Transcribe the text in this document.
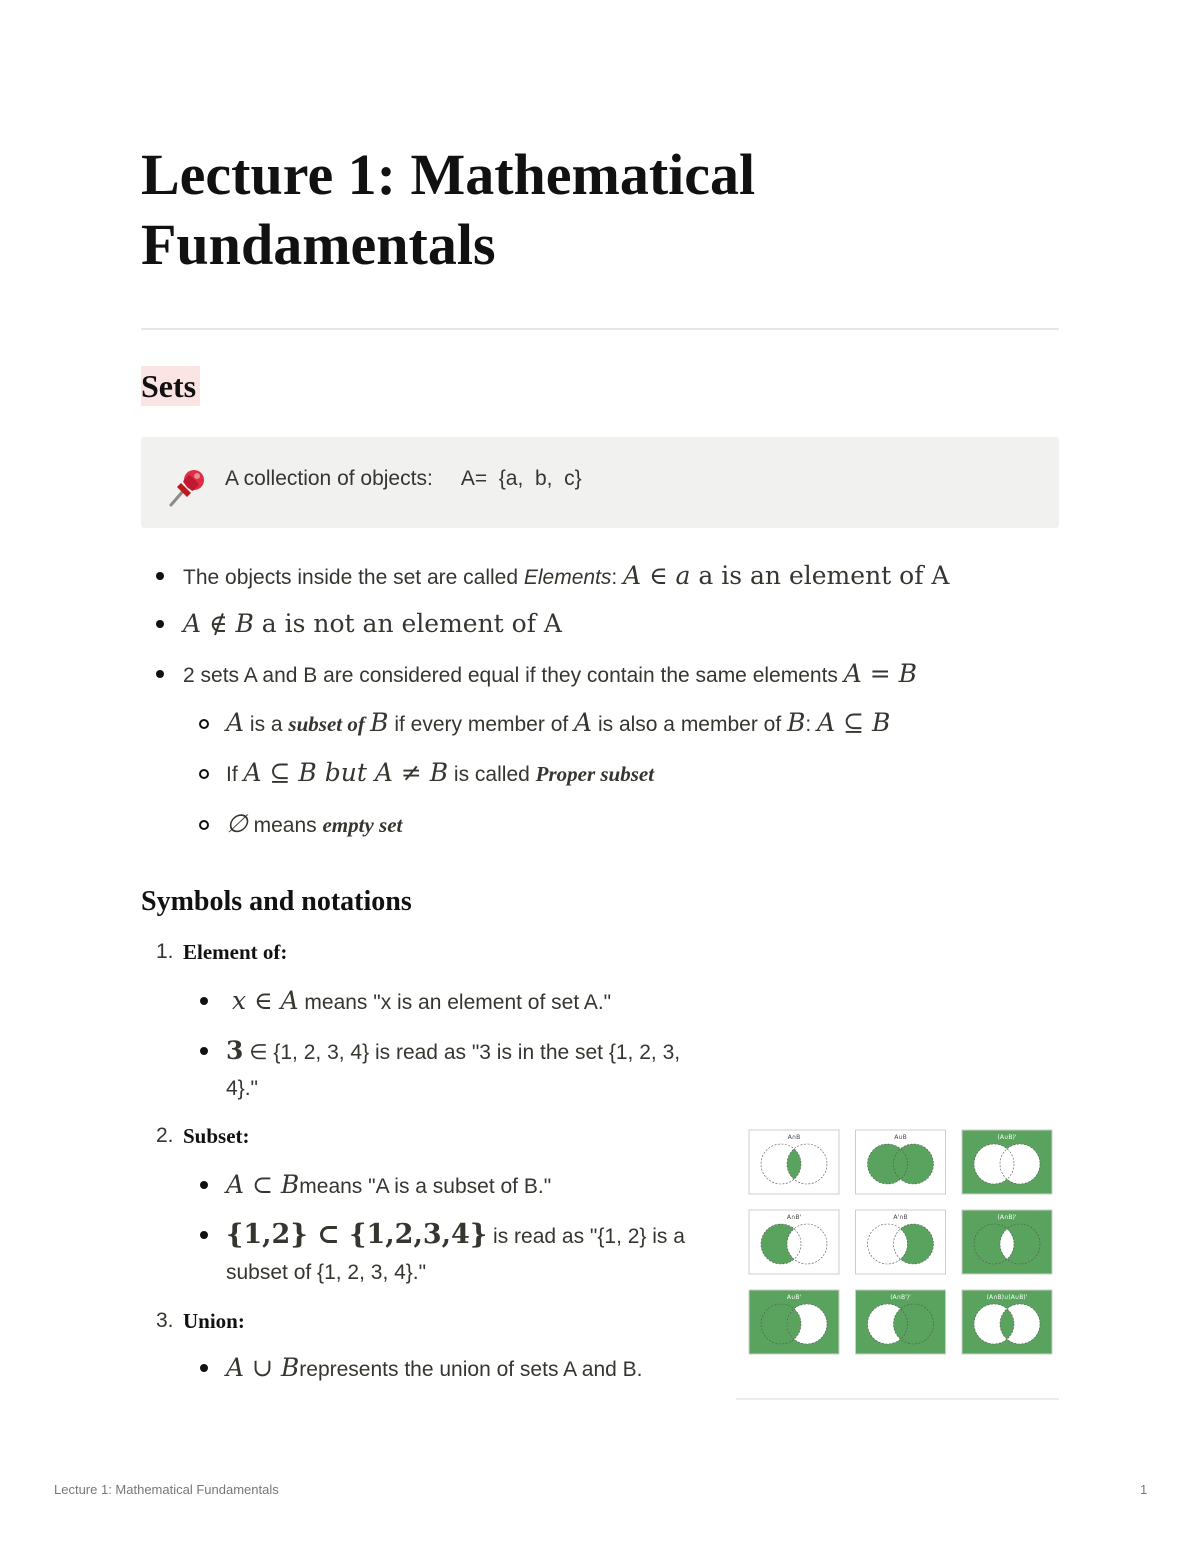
Lecture 1: Mathematical Fundamentals
Sets
A collection of objects: A=  {a,  b,  c}
The objects inside the set are called Elements: A ∈ a a is an element of A
A ∉ B a is not an element of A
2 sets A and B are considered equal if they contain the same elements A = B
A is a subset of B if every member of A is also a member of B: A ⊆ B
If A ⊆ B but A ≠ B is called Proper subset
∅ means empty set
Symbols and notations
1. Element of:
x ∈ A means "x is an element of set A."
3 ∈ {1, 2, 3, 4} is read as "3 is in the set {1, 2, 3, 4}."
2. Subset:
A ⊂ Bmeans "A is a subset of B."
{1,2} ⊂ {1,2,3,4} is read as "{1, 2} is a subset of {1, 2, 3, 4}."
3. Union:
A ∪ Brepresents the union of sets A and B.
A∩B	A∪B	(A∪B)'
A∩B'	A'∩B	(A∩B)'
A∪B'	(A∩B')'	(A∩B)∪(A∪B)'
Lecture 1: Mathematical Fundamentals	1
